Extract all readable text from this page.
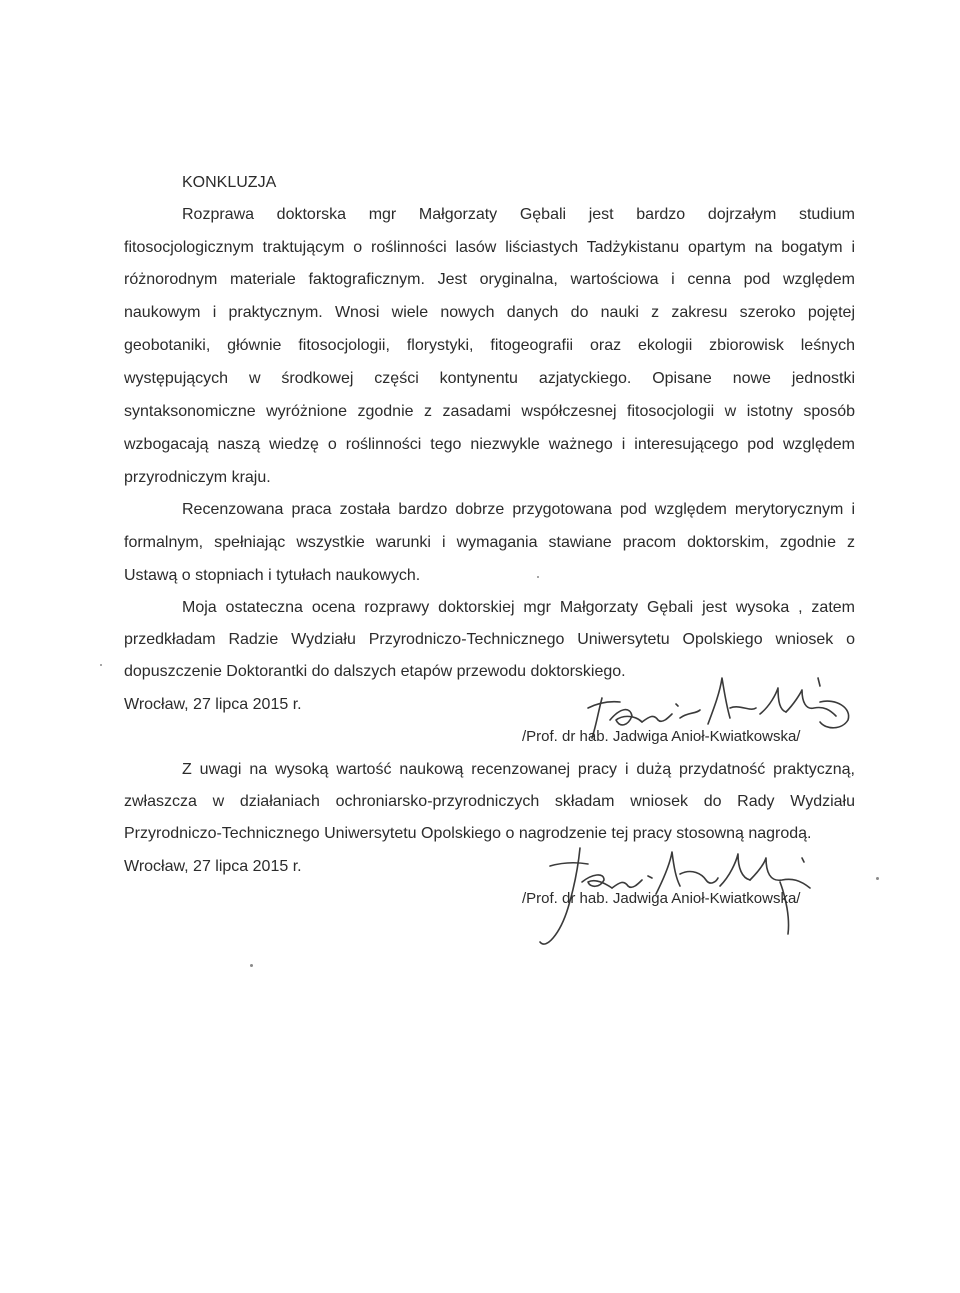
KONKLUZJA
Rozprawa doktorska mgr Małgorzaty Gębali jest bardzo dojrzałym studium
fitosocjologicznym traktującym o roślinności lasów liściastych Tadżykistanu opartym na bogatym i
różnorodnym materiale faktograficznym. Jest oryginalna, wartościowa i cenna pod względem
naukowym i praktycznym. Wnosi wiele nowych danych do nauki z zakresu szeroko pojętej
geobotaniki, głównie fitosocjologii, florystyki, fitogeografii oraz ekologii zbiorowisk leśnych
występujących w środkowej części kontynentu azjatyckiego. Opisane nowe jednostki
syntaksonomiczne wyróżnione zgodnie z zasadami współczesnej fitosocjologii w istotny sposób
wzbogacają naszą wiedzę o roślinności tego niezwykle ważnego i interesującego pod względem
przyrodniczym kraju.
Recenzowana praca została bardzo dobrze przygotowana pod względem merytorycznym i
formalnym, spełniając wszystkie warunki i wymagania stawiane pracom doktorskim, zgodnie z
Ustawą o stopniach i tytułach naukowych.
Moja ostateczna ocena rozprawy doktorskiej mgr Małgorzaty Gębali jest wysoka , zatem
przedkładam Radzie Wydziału Przyrodniczo-Technicznego Uniwersytetu Opolskiego wniosek o
dopuszczenie Doktorantki do dalszych etapów przewodu doktorskiego.
Wrocław, 27 lipca 2015 r.
/Prof. dr hab. Jadwiga Anioł-Kwiatkowska/
Z uwagi na wysoką wartość naukową recenzowanej pracy i dużą przydatność praktyczną,
zwłaszcza w działaniach ochroniarsko-przyrodniczych składam wniosek do Rady Wydziału
Przyrodniczo-Technicznego Uniwersytetu Opolskiego o nagrodzenie tej pracy stosowną nagrodą.
Wrocław, 27 lipca 2015 r.
/Prof. dr hab. Jadwiga Anioł-Kwiatkowska/
